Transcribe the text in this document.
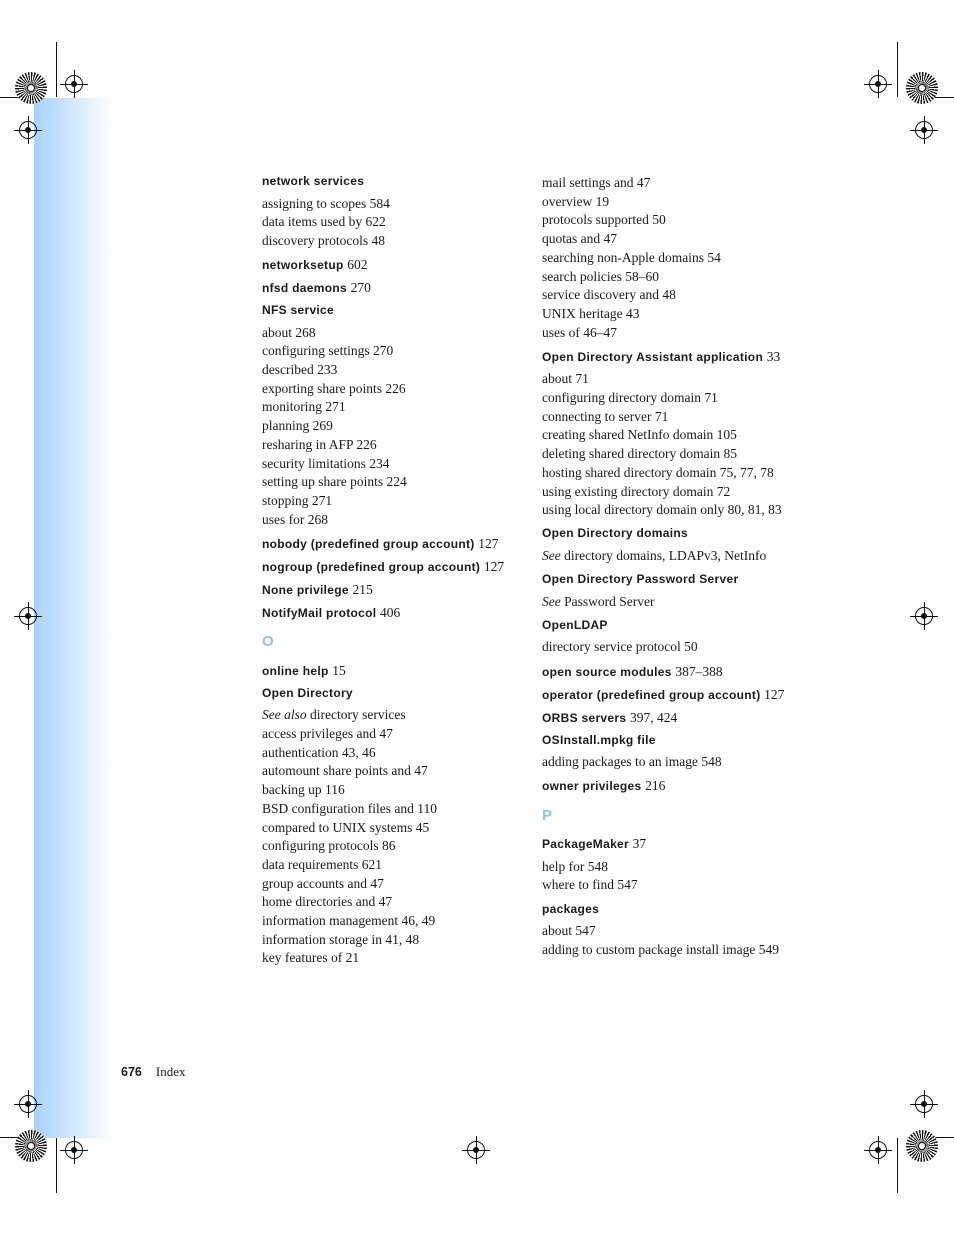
network services

assigning to scopes 584

data items used by 622

discovery protocols 48

networksetup 602

nfsd daemons 270

NFS service

about 268

configuring settings 270

described 233

exporting share points 226

monitoring 271

planning 269

resharing in AFP 226

security limitations 234

setting up share points 224

stopping 271

uses for 268

nobody (predefined group account) 127

nogroup (predefined group account) 127

None privilege 215

NotifyMail protocol 406

O

online help 15

Open Directory

See also directory services

access privileges and 47

authentication 43, 46

automount share points and 47

backing up 116

BSD configuration files and 110

compared to UNIX systems 45

configuring protocols 86

data requirements 621

group accounts and 47

home directories and 47

information management 46, 49

information storage in 41, 48

key features of 21

mail settings and 47

overview 19

protocols supported 50

quotas and 47

searching non-Apple domains 54

search policies 58–60

service discovery and 48

UNIX heritage 43

uses of 46–47

Open Directory Assistant application 33

about 71

configuring directory domain 71

connecting to server 71

creating shared NetInfo domain 105

deleting shared directory domain 85

hosting shared directory domain 75, 77, 78

using existing directory domain 72

using local directory domain only 80, 81, 83

Open Directory domains

See directory domains, LDAPv3, NetInfo

Open Directory Password Server

See Password Server

OpenLDAP

directory service protocol 50

open source modules 387–388

operator (predefined group account) 127

ORBS servers 397, 424

OSInstall.mpkg file

adding packages to an image 548

owner privileges 216

P

PackageMaker 37

help for 548

where to find 547

packages

about 547

adding to custom package install image 549

676 Index
